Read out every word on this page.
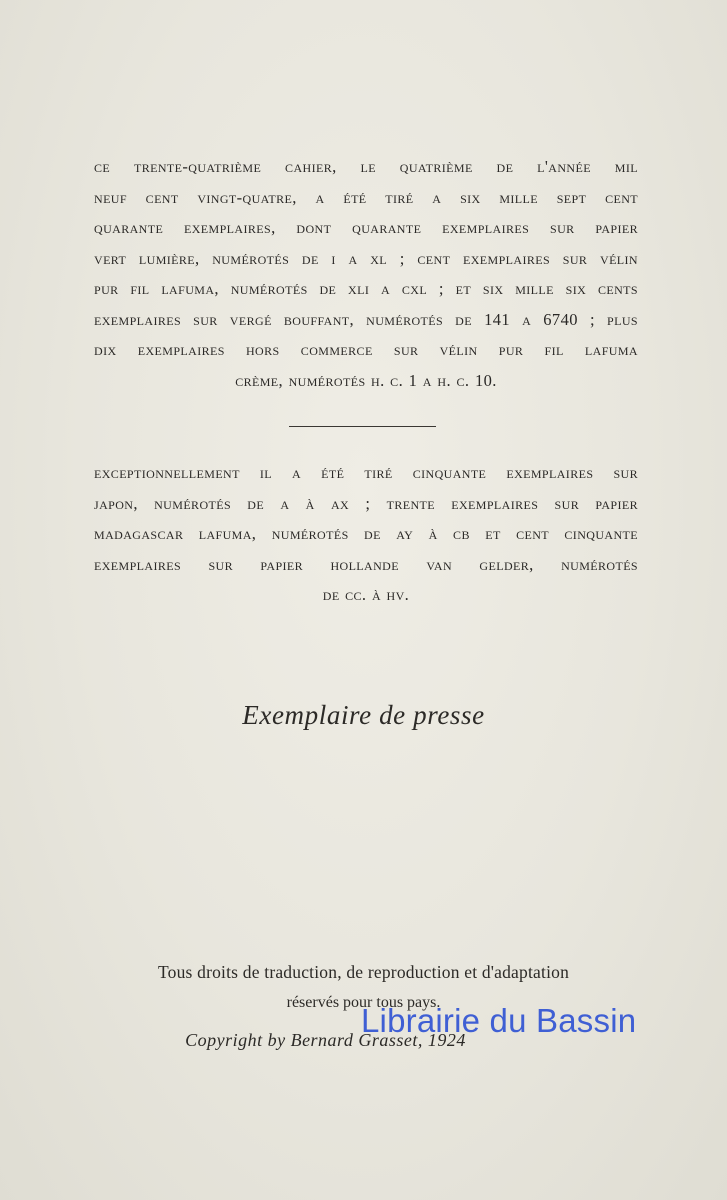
ce trente-quatrième cahier, le quatrième de l'année mil
neuf cent vingt-quatre, a été tiré a six mille sept cent
quarante exemplaires, dont quarante exemplaires sur papier
vert lumière, numérotés de i a xl ; cent exemplaires sur vélin
pur fil lafuma, numérotés de xli a cxl ; et six mille six cents
exemplaires sur vergé bouffant, numérotés de 141 a 6740 ; plus
dix exemplaires hors commerce sur vélin pur fil lafuma
crème, numérotés h. c. 1 a h. c. 10.
exceptionnellement il a été tiré cinquante exemplaires sur
japon, numérotés de a à ax ; trente exemplaires sur papier
madagascar lafuma, numérotés de ay à cb et cent cinquante
exemplaires sur papier hollande van gelder, numérotés
de cc. à hv.
Exemplaire de presse
Tous droits de traduction, de reproduction et d'adaptation
réservés pour tous pays.
Copyright by Bernard Grasset, 1924
Librairie du Bassin
